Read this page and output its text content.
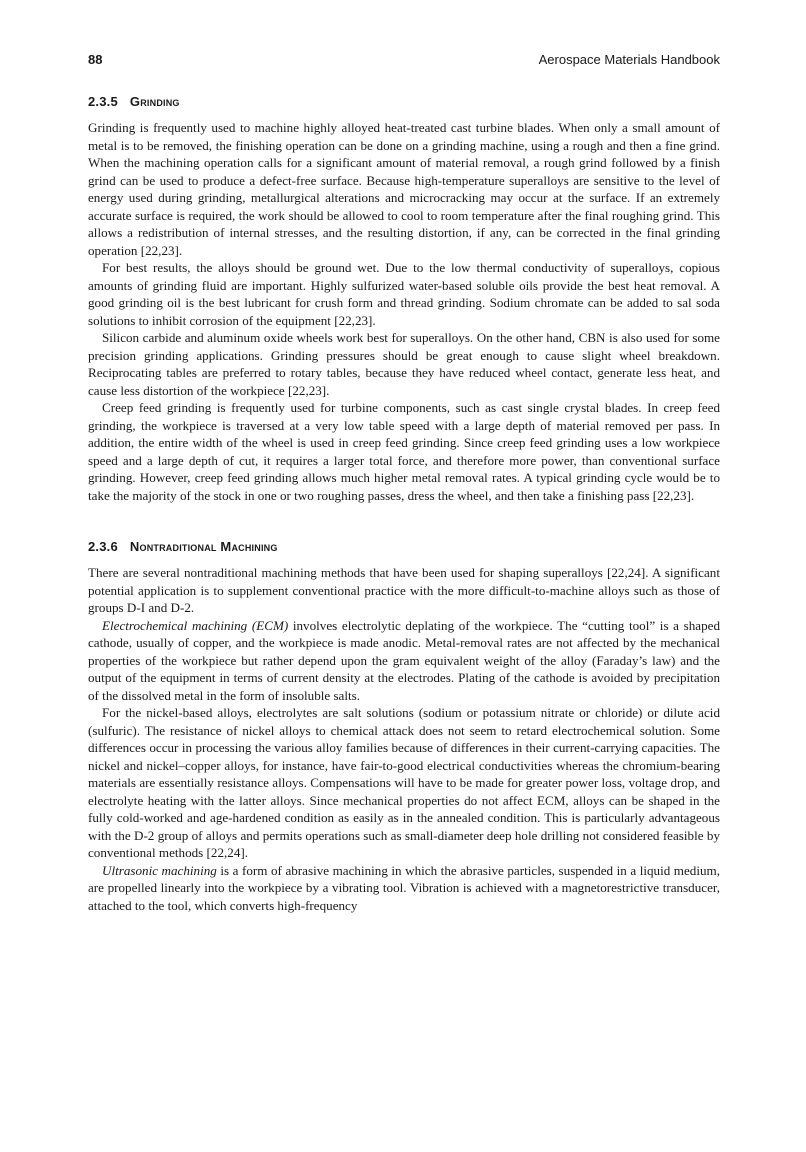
88	Aerospace Materials Handbook
2.3.5 Grinding

Grinding is frequently used to machine highly alloyed heat-treated cast turbine blades. When only a small amount of metal is to be removed, the finishing operation can be done on a grinding machine, using a rough and then a fine grind. When the machining operation calls for a significant amount of material removal, a rough grind followed by a finish grind can be used to produce a defect-free surface. Because high-temperature superalloys are sensitive to the level of energy used during grinding, metallurgical alterations and microcracking may occur at the surface. If an extremely accurate surface is required, the work should be allowed to cool to room temperature after the final roughing grind. This allows a redistribution of internal stresses, and the resulting distortion, if any, can be corrected in the final grinding operation [22,23].

For best results, the alloys should be ground wet. Due to the low thermal conductivity of superalloys, copious amounts of grinding fluid are important. Highly sulfurized water-based soluble oils provide the best heat removal. A good grinding oil is the best lubricant for crush form and thread grinding. Sodium chromate can be added to sal soda solutions to inhibit corrosion of the equipment [22,23].

Silicon carbide and aluminum oxide wheels work best for superalloys. On the other hand, CBN is also used for some precision grinding applications. Grinding pressures should be great enough to cause slight wheel breakdown. Reciprocating tables are preferred to rotary tables, because they have reduced wheel contact, generate less heat, and cause less distortion of the workpiece [22,23].

Creep feed grinding is frequently used for turbine components, such as cast single crystal blades. In creep feed grinding, the workpiece is traversed at a very low table speed with a large depth of material removed per pass. In addition, the entire width of the wheel is used in creep feed grinding. Since creep feed grinding uses a low workpiece speed and a large depth of cut, it requires a larger total force, and therefore more power, than conventional surface grinding. However, creep feed grinding allows much higher metal removal rates. A typical grinding cycle would be to take the majority of the stock in one or two roughing passes, dress the wheel, and then take a finishing pass [22,23].

2.3.6 Nontraditional Machining

There are several nontraditional machining methods that have been used for shaping superalloys [22,24]. A significant potential application is to supplement conventional practice with the more difficult-to-machine alloys such as those of groups D-I and D-2.

Electrochemical machining (ECM) involves electrolytic deplating of the workpiece. The “cutting tool” is a shaped cathode, usually of copper, and the workpiece is made anodic. Metal-removal rates are not affected by the mechanical properties of the workpiece but rather depend upon the gram equivalent weight of the alloy (Faraday’s law) and the output of the equipment in terms of current density at the electrodes. Plating of the cathode is avoided by precipitation of the dissolved metal in the form of insoluble salts.

For the nickel-based alloys, electrolytes are salt solutions (sodium or potassium nitrate or chloride) or dilute acid (sulfuric). The resistance of nickel alloys to chemical attack does not seem to retard electrochemical solution. Some differences occur in processing the various alloy families because of differences in their current-carrying capacities. The nickel and nickel–copper alloys, for instance, have fair-to-good electrical conductivities whereas the chromium-bearing materials are essentially resistance alloys. Compensations will have to be made for greater power loss, voltage drop, and electrolyte heating with the latter alloys. Since mechanical properties do not affect ECM, alloys can be shaped in the fully cold-worked and age-hardened condition as easily as in the annealed condition. This is particularly advantageous with the D-2 group of alloys and permits operations such as small-diameter deep hole drilling not considered feasible by conventional methods [22,24].

Ultrasonic machining is a form of abrasive machining in which the abrasive particles, suspended in a liquid medium, are propelled linearly into the workpiece by a vibrating tool. Vibration is achieved with a magnetorestrictive transducer, attached to the tool, which converts high-frequency
